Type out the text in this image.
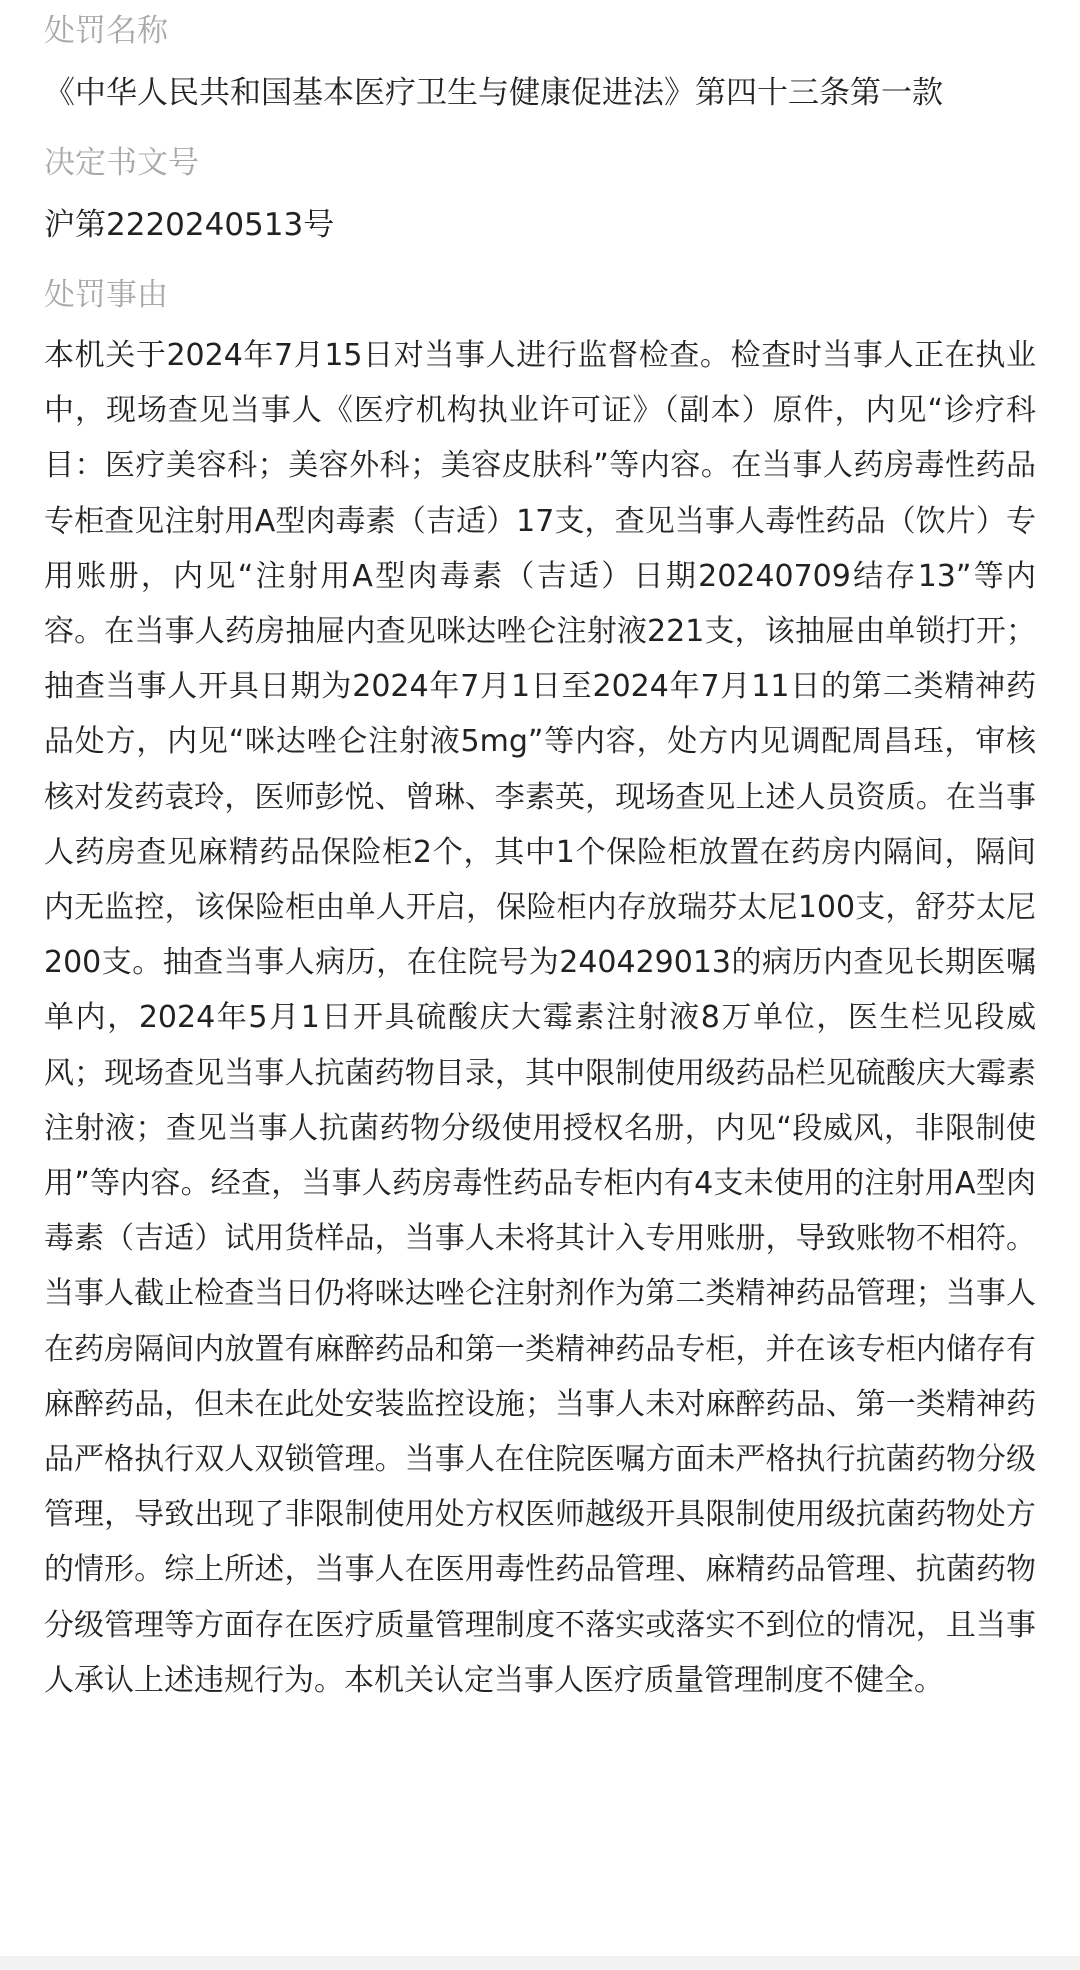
处罚名称
《中华人民共和国基本医疗卫生与健康促进法》第四十三条第一款
决定书文号
沪第2220240513号
处罚事由
本机关于2024年7月15日对当事人进行监督检查。检查时当事人正在执业中，现场查见当事人《医疗机构执业许可证》（副本）原件，内见“诊疗科目：医疗美容科；美容外科；美容皮肤科”等内容。在当事人药房毒性药品专柜查见注射用A型肉毒素（吉适）17支，查见当事人毒性药品（饮片）专用账册，内见“注射用A型肉毒素（吉适）日期20240709结存13”等内容。在当事人药房抽屉内查见咪达唑仑注射液221支，该抽屉由单锁打开；抽查当事人开具日期为2024年7月1日至2024年7月11日的第二类精神药品处方，内见“咪达唑仑注射液5mg”等内容，处方内见调配周昌珏，审核核对发药袁玲，医师彭悦、曾琳、李素英，现场查见上述人员资质。在当事人药房查见麻精药品保险柜2个，其中1个保险柜放置在药房内隔间，隔间内无监控，该保险柜由单人开启，保险柜内存放瑞芬太尼100支，舒芬太尼200支。抽查当事人病历，在住院号为240429013的病历内查见长期医嘱单内，2024年5月1日开具硫酸庆大霉素注射液8万单位，医生栏见段威风；现场查见当事人抗菌药物目录，其中限制使用级药品栏见硫酸庆大霉素注射液；查见当事人抗菌药物分级使用授权名册，内见“段威风，非限制使用”等内容。经查，当事人药房毒性药品专柜内有4支未使用的注射用A型肉毒素（吉适）试用货样品，当事人未将其计入专用账册，导致账物不相符。当事人截止检查当日仍将咪达唑仑注射剂作为第二类精神药品管理；当事人在药房隔间内放置有麻醉药品和第一类精神药品专柜，并在该专柜内储存有麻醉药品，但未在此处安装监控设施；当事人未对麻醉药品、第一类精神药品严格执行双人双锁管理。当事人在住院医嘱方面未严格执行抗菌药物分级管理，导致出现了非限制使用处方权医师越级开具限制使用级抗菌药物处方的情形。综上所述，当事人在医用毒性药品管理、麻精药品管理、抗菌药物分级管理等方面存在医疗质量管理制度不落实或落实不到位的情况，且当事人承认上述违规行为。本机关认定当事人医疗质量管理制度不健全。
